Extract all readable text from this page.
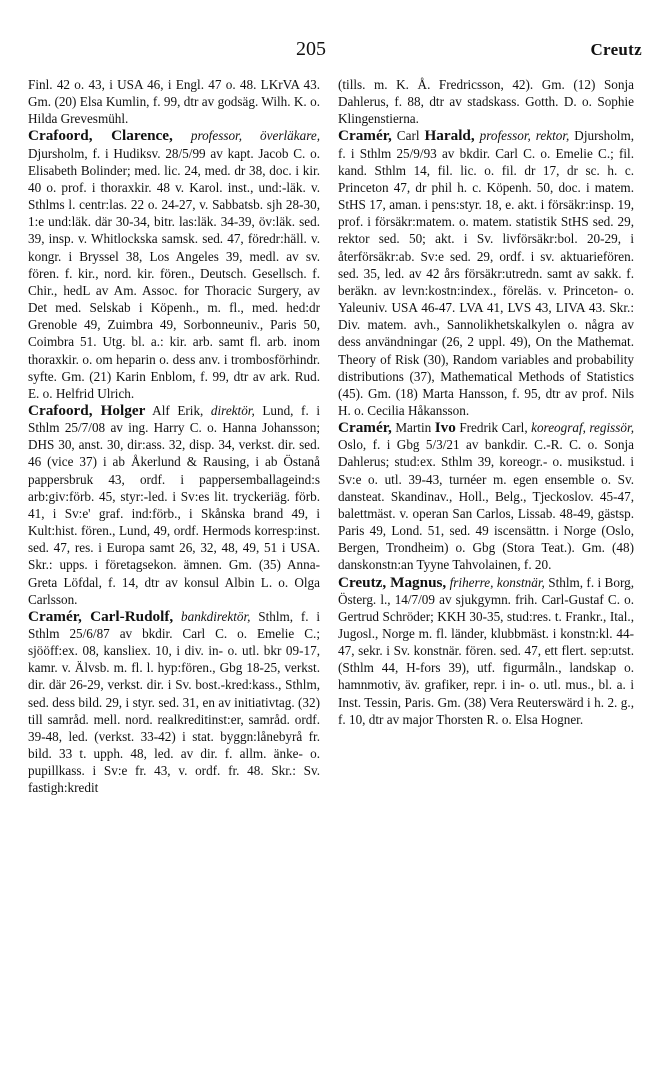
205	Creutz

Finl. 42 o. 43, i USA 46, i Engl. 47 o. 48. LKrVA 43. Gm. (20) Elsa Kumlin, f. 99, dtr av godsäg. Wilh. K. o. Hilda Grevesmühl.

Crafoord, Clarence, professor, överläkare, Djursholm, f. i Hudiksv. 28/5/99 av kapt. Jacob C. o. Elisabeth Bolinder; med. lic. 24, med. dr 38, doc. i kir. 40 o. prof. i thoraxkir. 48 v. Karol. inst., und:-läk. v. Sthlms l. centr:las. 22 o. 24-27, v. Sabbatsb. sjh 28-30, 1:e und:läk. där 30-34, bitr. las:läk. 34-39, öv:läk. sed. 39, insp. v. Whitlockska samsk. sed. 47, föredr:häll. v. kongr. i Bryssel 38, Los Angeles 39, medl. av sv. fören. f. kir., nord. kir. fören., Deutsch. Gesellsch. f. Chir., hedL av Am. Assoc. for Thoracic Surgery, av Det med. Selskab i Köpenh., m. fl., med. hed:dr Grenoble 49, Zuimbra 49, Sorbonneuniv., Paris 50, Coimbra 51. Utg. bl. a.: kir. arb. samt fl. arb. inom thoraxkir. o. om heparin o. dess anv. i trombosförhindr. syfte. Gm. (21) Karin Enblom, f. 99, dtr av ark. Rud. E. o. Helfrid Ulrich.

Crafoord, Holger Alf Erik, direktör, Lund, f. i Sthlm 25/7/08 av ing. Harry C. o. Hanna Johansson; DHS 30, anst. 30, dir:ass. 32, disp. 34, verkst. dir. sed. 46 (vice 37) i ab Åkerlund & Rausing, i ab Östanå pappersbruk 43, ordf. i pappersemballageind:s arb:giv:förb. 45, styr:-led. i Sv:es lit. tryckeriäg. förb. 41, i Sv:e' graf. ind:förb., i Skånska brand 49, i Kult:hist. fören., Lund, 49, ordf. Hermods korresp:inst. sed. 47, res. i Europa samt 26, 32, 48, 49, 51 i USA. Skr.: upps. i företagsekon. ämnen. Gm. (35) Anna-Greta Löfdal, f. 14, dtr av konsul Albin L. o. Olga Carlsson.

Cramér, Carl-Rudolf, bankdirektör, Sthlm, f. i Sthlm 25/6/87 av bkdir. Carl C. o. Emelie C.; sjööff:ex. 08, kansliex. 10, i div. in- o. utl. bkr 09-17, kamr. v. Älvsb. m. fl. l. hyp:fören., Gbg 18-25, verkst. dir. där 26-29, verkst. dir. i Sv. bost.-kred:kass., Sthlm, sed. dess bild. 29, i styr. sed. 31, en av initiativtag. (32) till samråd. mell. nord. realkreditinst:er, samråd. ordf. 39-48, led. (verkst. 33-42) i stat. byggn:lånebyrå fr. bild. 33 t. upph. 48, led. av dir. f. allm. änke- o. pupillkass. i Sv:e fr. 43, v. ordf. fr. 48. Skr.: Sv. fastigh:kredit

(tills. m. K. Å. Fredricsson, 42). Gm. (12) Sonja Dahlerus, f. 88, dtr av stadskass. Gotth. D. o. Sophie Klingenstierna.

Cramér, Carl Harald, professor, rektor, Djursholm, f. i Sthlm 25/9/93 av bkdir. Carl C. o. Emelie C.; fil. kand. Sthlm 14, fil. lic. o. fil. dr 17, dr sc. h. c. Princeton 47, dr phil h. c. Köpenh. 50, doc. i matem. StHS 17, aman. i pens:styr. 18, e. akt. i försäkr:insp. 19, prof. i försäkr:matem. o. matem. statistik StHS sed. 29, rektor sed. 50; akt. i Sv. livförsäkr:bol. 20-29, i återförsäkr:ab. Sv:e sed. 29, ordf. i sv. aktuariefören. sed. 35, led. av 42 års försäkr:utredn. samt av sakk. f. beräkn. av levn:kostn:index., föreläs. v. Princeton- o. Yaleuniv. USA 46-47. LVA 41, LVS 43, LIVA 43. Skr.: Div. matem. avh., Sannolikhetskalkylen o. några av dess användningar (26, 2 uppl. 49), On the Mathemat. Theory of Risk (30), Random variables and probability distributions (37), Mathematical Methods of Statistics (45). Gm. (18) Marta Hansson, f. 95, dtr av prof. Nils H. o. Cecilia Håkansson.

Cramér, Martin Ivo Fredrik Carl, koreograf, regissör, Oslo, f. i Gbg 5/3/21 av bankdir. C.-R. C. o. Sonja Dahlerus; stud:ex. Sthlm 39, koreogr.- o. musikstud. i Sv:e o. utl. 39-43, turnéer m. egen ensemble o. Sv. dansteat. Skandinav., Holl., Belg., Tjeckoslov. 45-47, balettmäst. v. operan San Carlos, Lissab. 48-49, gästsp. Paris 49, Lond. 51, sed. 49 iscensättn. i Norge (Oslo, Bergen, Trondheim) o. Gbg (Stora Teat.). Gm. (48) danskonstn:an Tyyne Tahvolainen, f. 20.

Creutz, Magnus, friherre, konstnär, Sthlm, f. i Borg, Österg. l., 14/7/09 av sjukgymn. frih. Carl-Gustaf C. o. Gertrud Schröder; KKH 30-35, stud:res. t. Frankr., Ital., Jugosl., Norge m. fl. länder, klubbmäst. i konstn:kl. 44-47, sekr. i Sv. konstnär. fören. sed. 47, ett flert. sep:utst. (Sthlm 44, H-fors 39), utf. figurmåln., landskap o. hamnmotiv, äv. grafiker, repr. i in- o. utl. mus., bl. a. i Inst. Tessin, Paris. Gm. (38) Vera Reuterswärd i h. 2. g., f. 10, dtr av major Thorsten R. o. Elsa Hogner.
